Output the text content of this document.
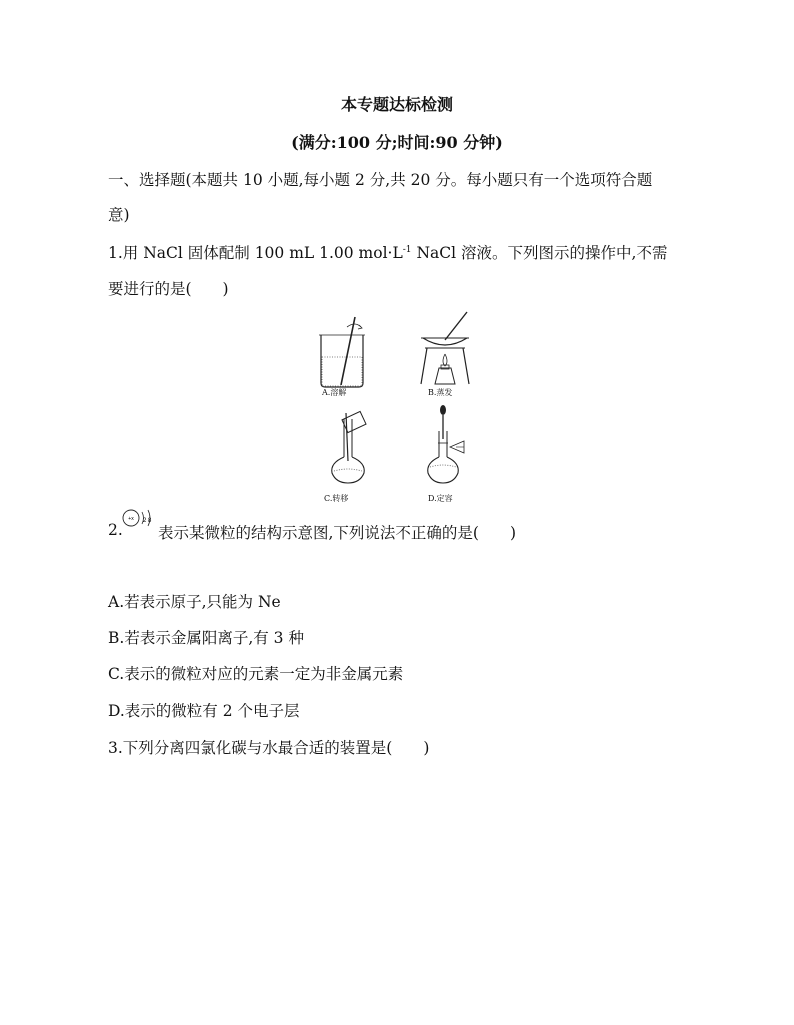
本专题达标检测
(满分:100 分;时间:90 分钟)
一、选择题(本题共 10 小题,每小题 2 分,共 20 分。每小题只有一个选项符合题
意)
1.用 NaCl 固体配制 100 mL 1.00 $mol\cdot L^{-1}$ NaCl 溶液。下列图示的操作中,不需
要进行的是(　　)
A.溶解	B.蒸发
C.转移	D.定容
2.
+x 2 8
表示某微粒的结构示意图,下列说法不正确的是(　　)
A.若表示原子,只能为 Ne
B.若表示金属阳离子,有 3 种
C.表示的微粒对应的元素一定为非金属元素
D.表示的微粒有 2 个电子层
3.下列分离四氯化碳与水最合适的装置是(　　)
